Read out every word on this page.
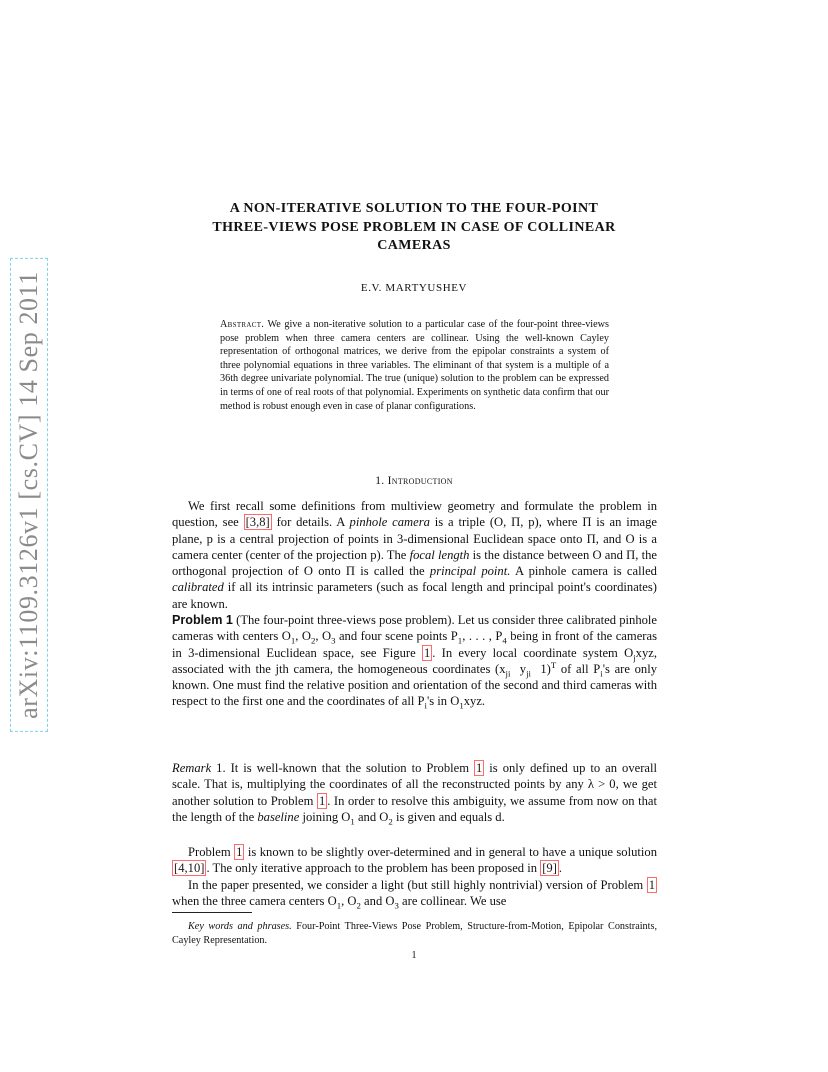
arXiv:1109.3126v1 [cs.CV] 14 Sep 2011
A NON-ITERATIVE SOLUTION TO THE FOUR-POINT
THREE-VIEWS POSE PROBLEM IN CASE OF COLLINEAR
CAMERAS
E.V. MARTYUSHEV
Abstract. We give a non-iterative solution to a particular case of the four-point three-views pose problem when three camera centers are collinear. Using the well-known Cayley representation of orthogonal matrices, we derive from the epipolar constraints a system of three polynomial equations in three variables. The eliminant of that system is a multiple of a 36th degree univariate polynomial. The true (unique) solution to the problem can be expressed in terms of one of real roots of that polynomial. Experiments on synthetic data confirm that our method is robust enough even in case of planar configurations.
1. Introduction

We first recall some definitions from multiview geometry and formulate the problem in question, see [3,8] for details. A pinhole camera is a triple (O, Π, p), where Π is an image plane, p is a central projection of points in 3-dimensional Euclidean space onto Π, and O is a camera center (center of the projection p). The focal length is the distance between O and Π, the orthogonal projection of O onto Π is called the principal point. A pinhole camera is called calibrated if all its intrinsic parameters (such as focal length and principal point's coordinates) are known.

Problem 1 (The four-point three-views pose problem). Let us consider three calibrated pinhole cameras with centers $O_1$, $O_2$, $O_3$ and four scene points $P_1$, . . . , $P_4$ being in front of the cameras in 3-dimensional Euclidean space, see Figure 1 . In every local coordinate system $O_jxyz$, associated with the jth camera, the homogeneous coordinates ($x_{ji}$  $y_{ji}$  1)$^T$ of all $P_i's$ are only known. One must find the relative position and orientation of the second and third cameras with respect to the first one and the coordinates of all $P_i's$ in $O_1xyz$.

Remark 1. It is well-known that the solution to Problem 1 is only defined up to an overall scale. That is, multiplying the coordinates of all the reconstructed points by any λ > 0, we get another solution to Problem 1 . In order to resolve this ambiguity, we assume from now on that the length of the baseline joining $O_1$ and $O_2$ is given and equals d.

Problem 1 is known to be slightly over-determined and in general to have a unique solution [4,10] . The only iterative approach to the problem has been proposed in [9] .

In the paper presented, we consider a light (but still highly nontrivial) version of Problem 1 when the three camera centers $O_1$, $O_2$ and $O_3$ are collinear. We use

Key words and phrases. Four-Point Three-Views Pose Problem, Structure-from-Motion, Epipolar Constraints, Cayley Representation.

1
